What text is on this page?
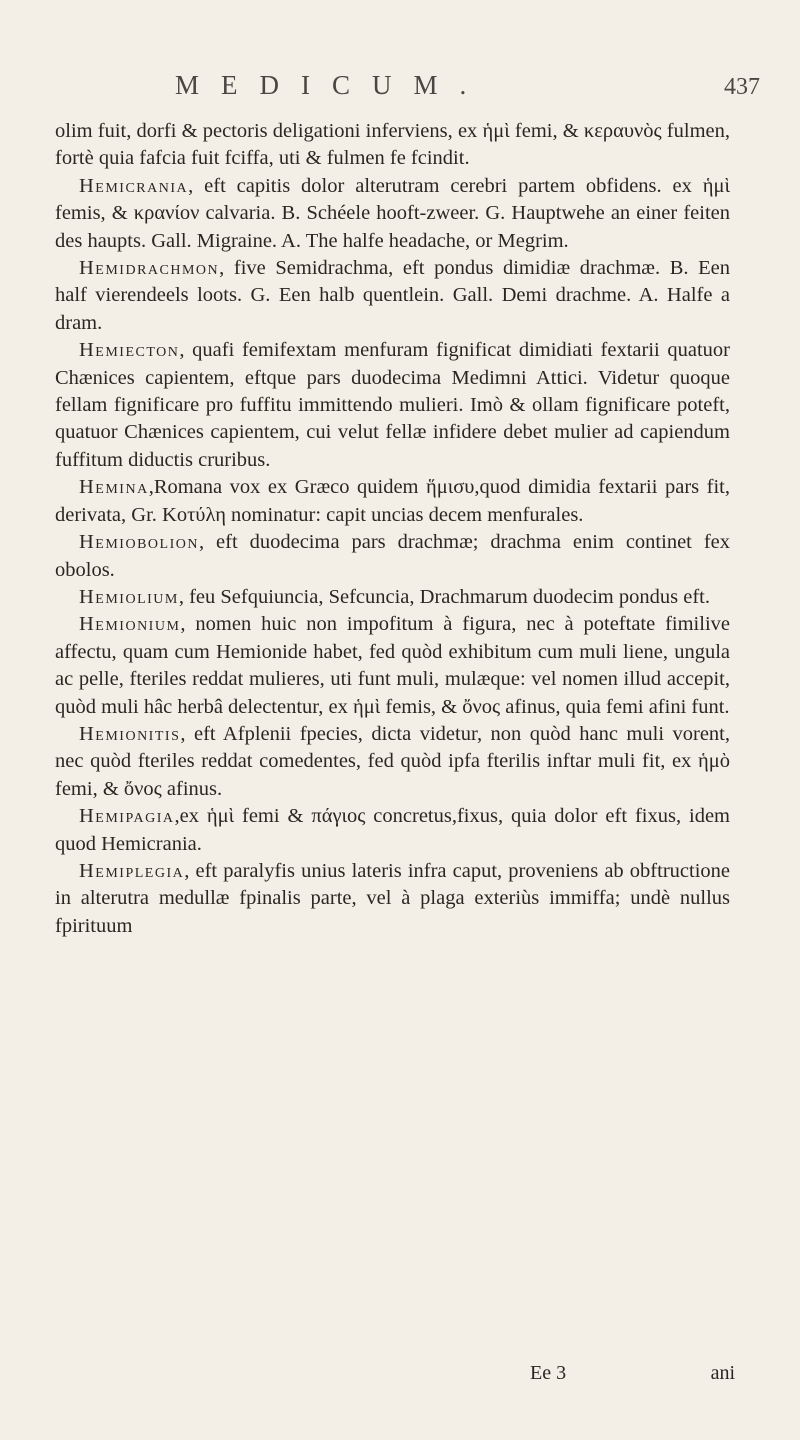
MEDICUM.	437

olim fuit, dorfi & pectoris deligationi inferviens, ex ἡμὶ femi, & κεραυνὸς fulmen, fortè quia fafcia fuit fciffa, uti & fulmen fe fcindit.

Hemicrania, eft capitis dolor alterutram cerebri partem obfidens. ex ἡμὶ femis, & κρανίον calvaria. B. Schéele hooft-zweer. G. Hauptwehe an einer feiten des haupts. Gall. Migraine. A. The halfe headache, or Megrim.

Hemidrachmon, five Semidrachma, eft pondus dimidiæ drachmæ. B. Een half vierendeels loots. G. Een halb quentlein. Gall. Demi drachme. A. Halfe a dram.

Hemiecton, quafi femifextam menfuram fignificat dimidiati fextarii quatuor Chænices capientem, eftque pars duodecima Medimni Attici. Videtur quoque fellam fignificare pro fuffitu immittendo mulieri. Imò & ollam fignificare poteft, quatuor Chænices capientem, cui velut fellæ infidere debet mulier ad capiendum fuffitum diductis cruribus.

Hemina,Romana vox ex Græco quidem ἥμισυ,quod dimidia fextarii pars fit, derivata, Gr. Κοτύλη nominatur: capit uncias decem menfurales.

Hemiobolion, eft duodecima pars drachmæ; drachma enim continet fex obolos.

Hemiolium, feu Sefquiuncia, Sefcuncia, Drachmarum duodecim pondus eft.

Hemionium, nomen huic non impofitum à figura, nec à poteftate fimilive affectu, quam cum Hemionide habet, fed quòd exhibitum cum muli liene, ungula ac pelle, fteriles reddat mulieres, uti funt muli, mulæque: vel nomen illud accepit, quòd muli hâc herbâ delectentur, ex ἡμὶ femis, & ὄνος afinus, quia femi afini funt.

Hemionitis, eft Afplenii fpecies, dicta videtur, non quòd hanc muli vorent, nec quòd fteriles reddat comedentes, fed quòd ipfa fterilis inftar muli fit, ex ἡμὸ femi, & ὄνος afinus.

Hemipagia,ex ἡμὶ femi & πάγιος concretus,fixus, quia dolor eft fixus, idem quod Hemicrania.

Hemiplegia, eft paralyfis unius lateris infra caput, proveniens ab obftructione in alterutra medullæ fpinalis parte, vel à plaga exteriùs immiffa; undè nullus fpirituum

Ee 3	ani
